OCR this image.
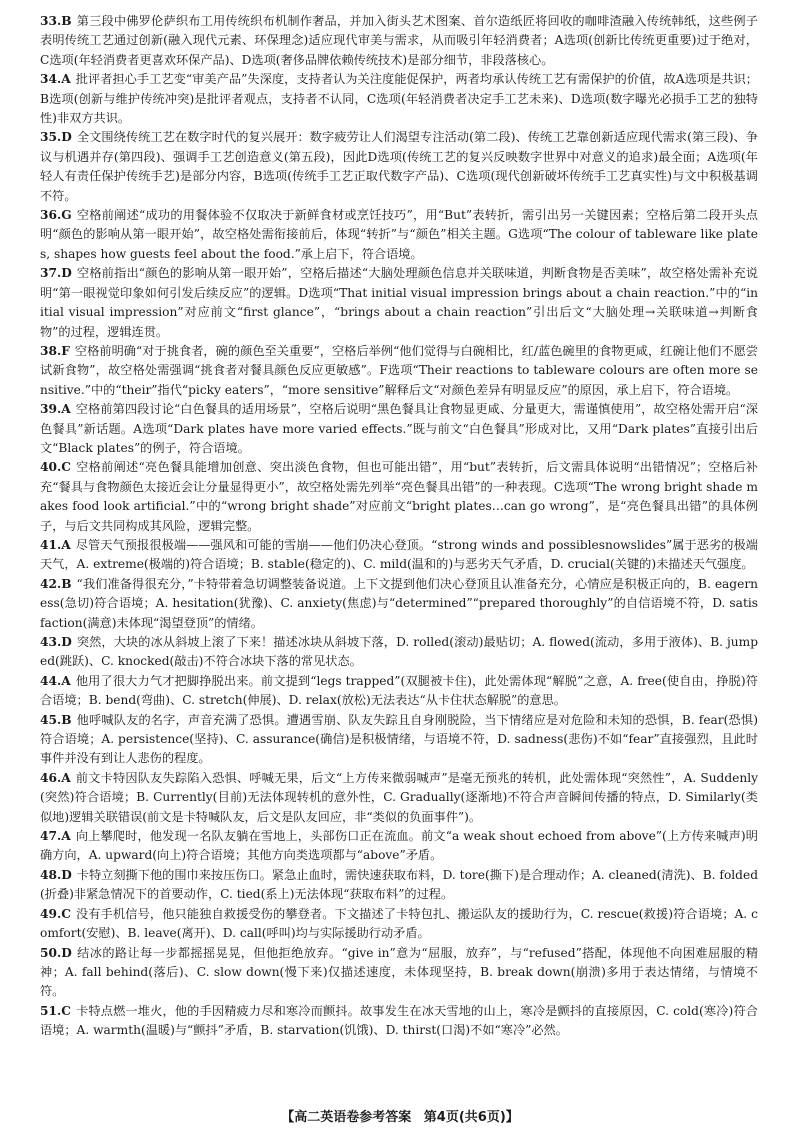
33.B 第三段中佛罗伦萨织布工用传统织布机制作奢品，并加入街头艺术图案、首尔造纸匠将回收的咖啡渣融入传统韩纸，这些例子表明传统工艺通过创新(融入现代元素、环保理念)适应现代审美与需求，从而吸引年轻消费者；A选项(创新比传统更重要)过于绝对，C选项(年轻消费者更喜欢环保产品)、D选项(奢侈品牌依赖传统技术)是部分细节，非段落核心。

34.A 批评者担心手工艺变“审美产品”失深度，支持者认为关注度能促保护，两者均承认传统工艺有需保护的价值，故A选项是共识；B选项(创新与维护传统冲突)是批评者观点，支持者不认同，C选项(年轻消费者决定手工艺未来)、D选项(数字曝光必损手工艺的独特性)非双方共识。

35.D 全文围绕传统工艺在数字时代的复兴展开：数字疲劳让人们渴望专注活动(第二段)、传统工艺靠创新适应现代需求(第三段)、争议与机遇并存(第四段)、强调手工艺创造意义(第五段)，因此D选项(传统工艺的复兴反映数字世界中对意义的追求)最全面；A选项(年轻人有责任保护传统手艺)是部分内容，B选项(传统手工艺正取代数字产品)、C选项(现代创新破坏传统手工艺真实性)与文中积极基调不符。

36.G 空格前阐述“成功的用餐体验不仅取决于新鲜食材或烹饪技巧”，用“But”表转折，需引出另一关键因素；空格后第二段开头点明“颜色的影响从第一眼开始”，故空格处需衔接前后，体现“转折”与“颜色”相关主题。G选项“The colour of tableware like plates, shapes how guests feel about the food.”承上启下，符合语境。

37.D 空格前指出“颜色的影响从第一眼开始”，空格后描述“大脑处理颜色信息并关联味道，判断食物是否美味”，故空格处需补充说明“第一眼视觉印象如何引发后续反应”的逻辑。D选项“That initial visual impression brings about a chain reaction.”中的“initial visual impression”对应前文“first glance”，“brings about a chain reaction”引出后文“大脑处理→关联味道→判断食物”的过程，逻辑连贯。

38.F 空格前明确“对于挑食者，碗的颜色至关重要”，空格后举例“他们觉得与白碗相比，红/蓝色碗里的食物更咸，红碗让他们不愿尝试新食物”，故空格处需强调“挑食者对餐具颜色反应更敏感”。F选项“Their reactions to tableware colours are often more sensitive.”中的“their”指代“picky eaters”，“more sensitive”解释后文“对颜色差异有明显反应”的原因，承上启下，符合语境。

39.A 空格前第四段讨论“白色餐具的适用场景”，空格后说明“黑色餐具让食物显更咸、分量更大，需谨慎使用”，故空格处需开启“深色餐具”新话题。A选项“Dark plates have more varied effects.”既与前文“白色餐具”形成对比，又用“Dark plates”直接引出后文“Black plates”的例子，符合语境。

40.C 空格前阐述“亮色餐具能增加创意、突出淡色食物，但也可能出错”，用“but”表转折，后文需具体说明“出错情况”；空格后补充“餐具与食物颜色太接近会让分量显得更小”，故空格处需先列举“亮色餐具出错”的一种表现。C选项“The wrong bright shade makes food look artificial.”中的“wrong bright shade”对应前文“bright plates…can go wrong”，是“亮色餐具出错”的具体例子，与后文共同构成其风险，逻辑完整。

41.A 尽管天气预报很极端——强风和可能的雪崩——他们仍决心登顶。“strong winds and possiblesnowslides”属于恶劣的极端天气，A. extreme(极端的)符合语境；B. stable(稳定的)、C. mild(温和的)与恶劣天气矛盾，D. crucial(关键的)未描述天气强度。

42.B “我们准备得很充分，”卡特带着急切调整装备说道。上下文提到他们决心登顶且认准备充分，心情应是积极正向的，B. eagerness(急切)符合语境；A. hesitation(犹豫)、C. anxiety(焦虑)与“determined”“prepared thoroughly”的自信语境不符，D. satisfaction(满意)未体现“渴望登顶”的情绪。

43.D 突然，大块的冰从斜坡上滚了下来！描述冰块从斜坡下落，D. rolled(滚动)最贴切；A. flowed(流动，多用于液体)、B. jumped(跳跃)、C. knocked(敲击)不符合冰块下落的常见状态。

44.A 他用了很大力气才把脚挣脱出来。前文提到“legs trapped”(双腿被卡住)，此处需体现“解脱”之意，A. free(使自由，挣脱)符合语境；B. bend(弯曲)、C. stretch(伸展)、D. relax(放松)无法表达“从卡住状态解脱”的意思。

45.B 他呼喊队友的名字，声音充满了恐惧。遭遇雪崩、队友失踪且自身刚脱险，当下情绪应是对危险和未知的恐惧，B. fear(恐惧)符合语境；A. persistence(坚持)、C. assurance(确信)是积极情绪，与语境不符，D. sadness(悲伤)不如“fear”直接强烈，且此时事件并没有到让人悲伤的程度。

46.A 前文卡特因队友失踪陷入恐惧、呼喊无果，后文“上方传来微弱喊声”是毫无预兆的转机，此处需体现“突然性”，A. Suddenly(突然)符合语境；B. Currently(目前)无法体现转机的意外性，C. Gradually(逐渐地)不符合声音瞬间传播的特点，D. Similarly(类似地)逻辑关联错误(前文是卡特喊队友，后文是队友回应，非“类似的负面事件”)。

47.A 向上攀爬时，他发现一名队友躺在雪地上，头部伤口正在流血。前文“a weak shout echoed from above”(上方传来喊声)明确方向，A. upward(向上)符合语境；其他方向类选项都与“above”矛盾。

48.D 卡特立刻撕下他的围巾来按压伤口。紧急止血时，需快速获取布料，D. tore(撕下)是合理动作；A. cleaned(清洗)、B. folded(折叠)非紧急情况下的首要动作，C. tied(系上)无法体现“获取布料”的过程。

49.C 没有手机信号，他只能独自救援受伤的攀登者。下文描述了卡特包扎、搬运队友的援助行为，C. rescue(救援)符合语境；A. comfort(安慰)、B. leave(离开)、D. call(呼叫)均与实际援助行动矛盾。

50.D 结冰的路让每一步都摇摇晃晃，但他拒绝放弃。“give in”意为“屈服，放弃”，与“refused”搭配，体现他不向困难屈服的精神；A. fall behind(落后)、C. slow down(慢下来)仅描述速度，未体现坚持，B. break down(崩溃)多用于表达情绪，与情境不符。

51.C 卡特点燃一堆火，他的手因精疲力尽和寒冷而颤抖。故事发生在冰天雪地的山上，寒冷是颤抖的直接原因，C. cold(寒冷)符合语境；A. warmth(温暖)与“颤抖”矛盾，B. starvation(饥饿)、D. thirst(口渴)不如“寒冷”必然。

【高二英语卷参考答案 第4页(共6页)】
